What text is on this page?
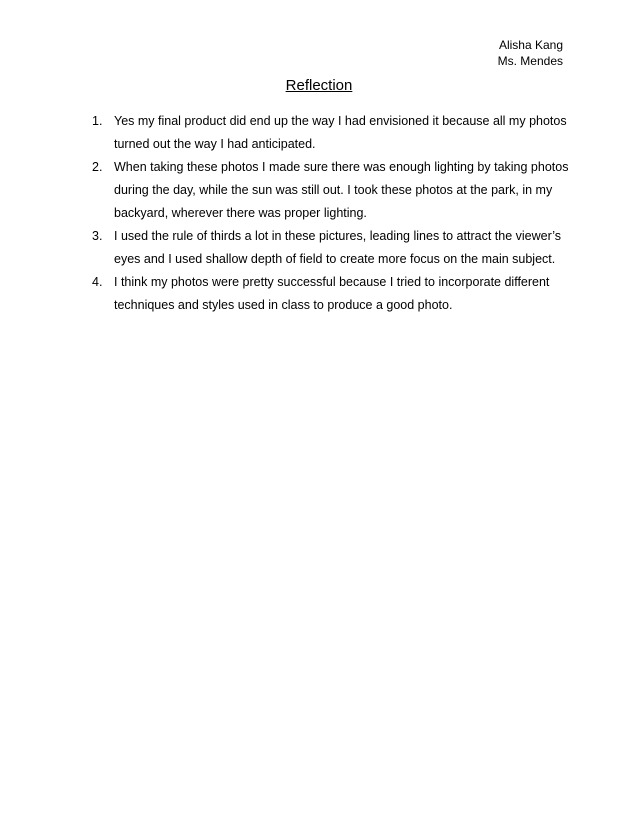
Alisha Kang
Ms. Mendes
Reflection
1. Yes my final product did end up the way I had envisioned it because all my photos turned out the way I had anticipated.
2. When taking these photos I made sure there was enough lighting by taking photos during the day, while the sun was still out. I took these photos at the park, in my backyard, wherever there was proper lighting.
3. I used the rule of thirds a lot in these pictures, leading lines to attract the viewer’s eyes and I used shallow depth of field to create more focus on the main subject.
4. I think my photos were pretty successful because I tried to incorporate different techniques and styles used in class to produce a good photo.
